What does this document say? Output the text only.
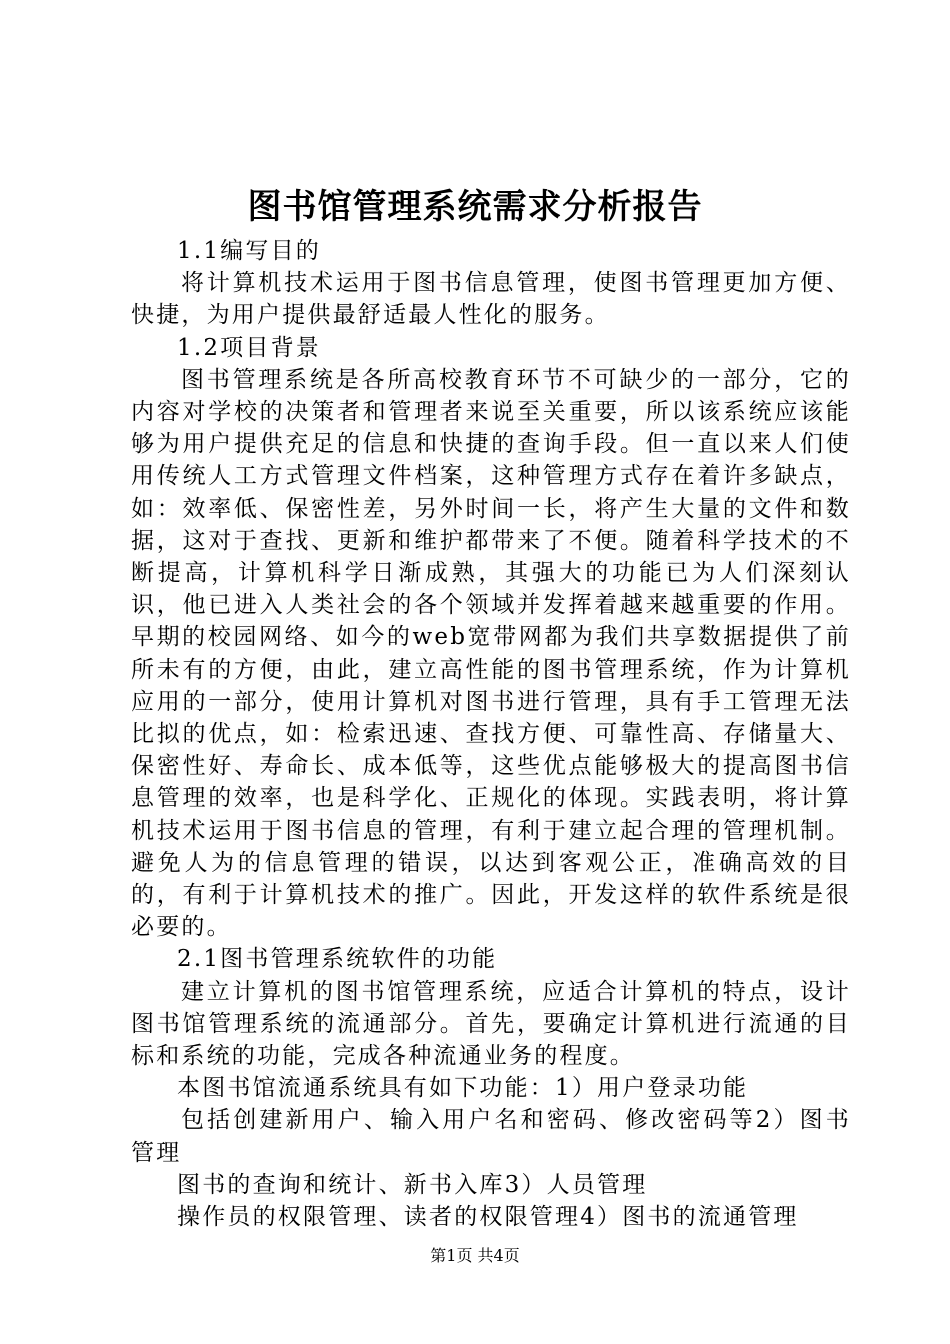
图书馆管理系统需求分析报告

1.1编写目的

将计算机技术运用于图书信息管理，使图书管理更加方便、快捷，为用户提供最舒适最人性化的服务。

1.2项目背景

图书管理系统是各所高校教育环节不可缺少的一部分，它的内容对学校的决策者和管理者来说至关重要，所以该系统应该能够为用户提供充足的信息和快捷的查询手段。但一直以来人们使用传统人工方式管理文件档案，这种管理方式存在着许多缺点，如：效率低、保密性差，另外时间一长，将产生大量的文件和数据，这对于查找、更新和维护都带来了不便。随着科学技术的不断提高，计算机科学日渐成熟，其强大的功能已为人们深刻认识，他已进入人类社会的各个领域并发挥着越来越重要的作用。早期的校园网络、如今的web宽带网都为我们共享数据提供了前所未有的方便，由此，建立高性能的图书管理系统，作为计算机应用的一部分，使用计算机对图书进行管理，具有手工管理无法比拟的优点，如：检索迅速、查找方便、可靠性高、存储量大、保密性好、寿命长、成本低等，这些优点能够极大的提高图书信息管理的效率，也是科学化、正规化的体现。实践表明，将计算机技术运用于图书信息的管理，有利于建立起合理的管理机制。避免人为的信息管理的错误，以达到客观公正，准确高效的目的，有利于计算机技术的推广。因此，开发这样的软件系统是很必要的。

2.1图书管理系统软件的功能

建立计算机的图书馆管理系统，应适合计算机的特点，设计图书馆管理系统的流通部分。首先，要确定计算机进行流通的目标和系统的功能，完成各种流通业务的程度。

本图书馆流通系统具有如下功能：1）用户登录功能

包括创建新用户、输入用户名和密码、修改密码等2）图书管理

图书的查询和统计、新书入库3）人员管理

操作员的权限管理、读者的权限管理4）图书的流通管理

第1页 共4页
